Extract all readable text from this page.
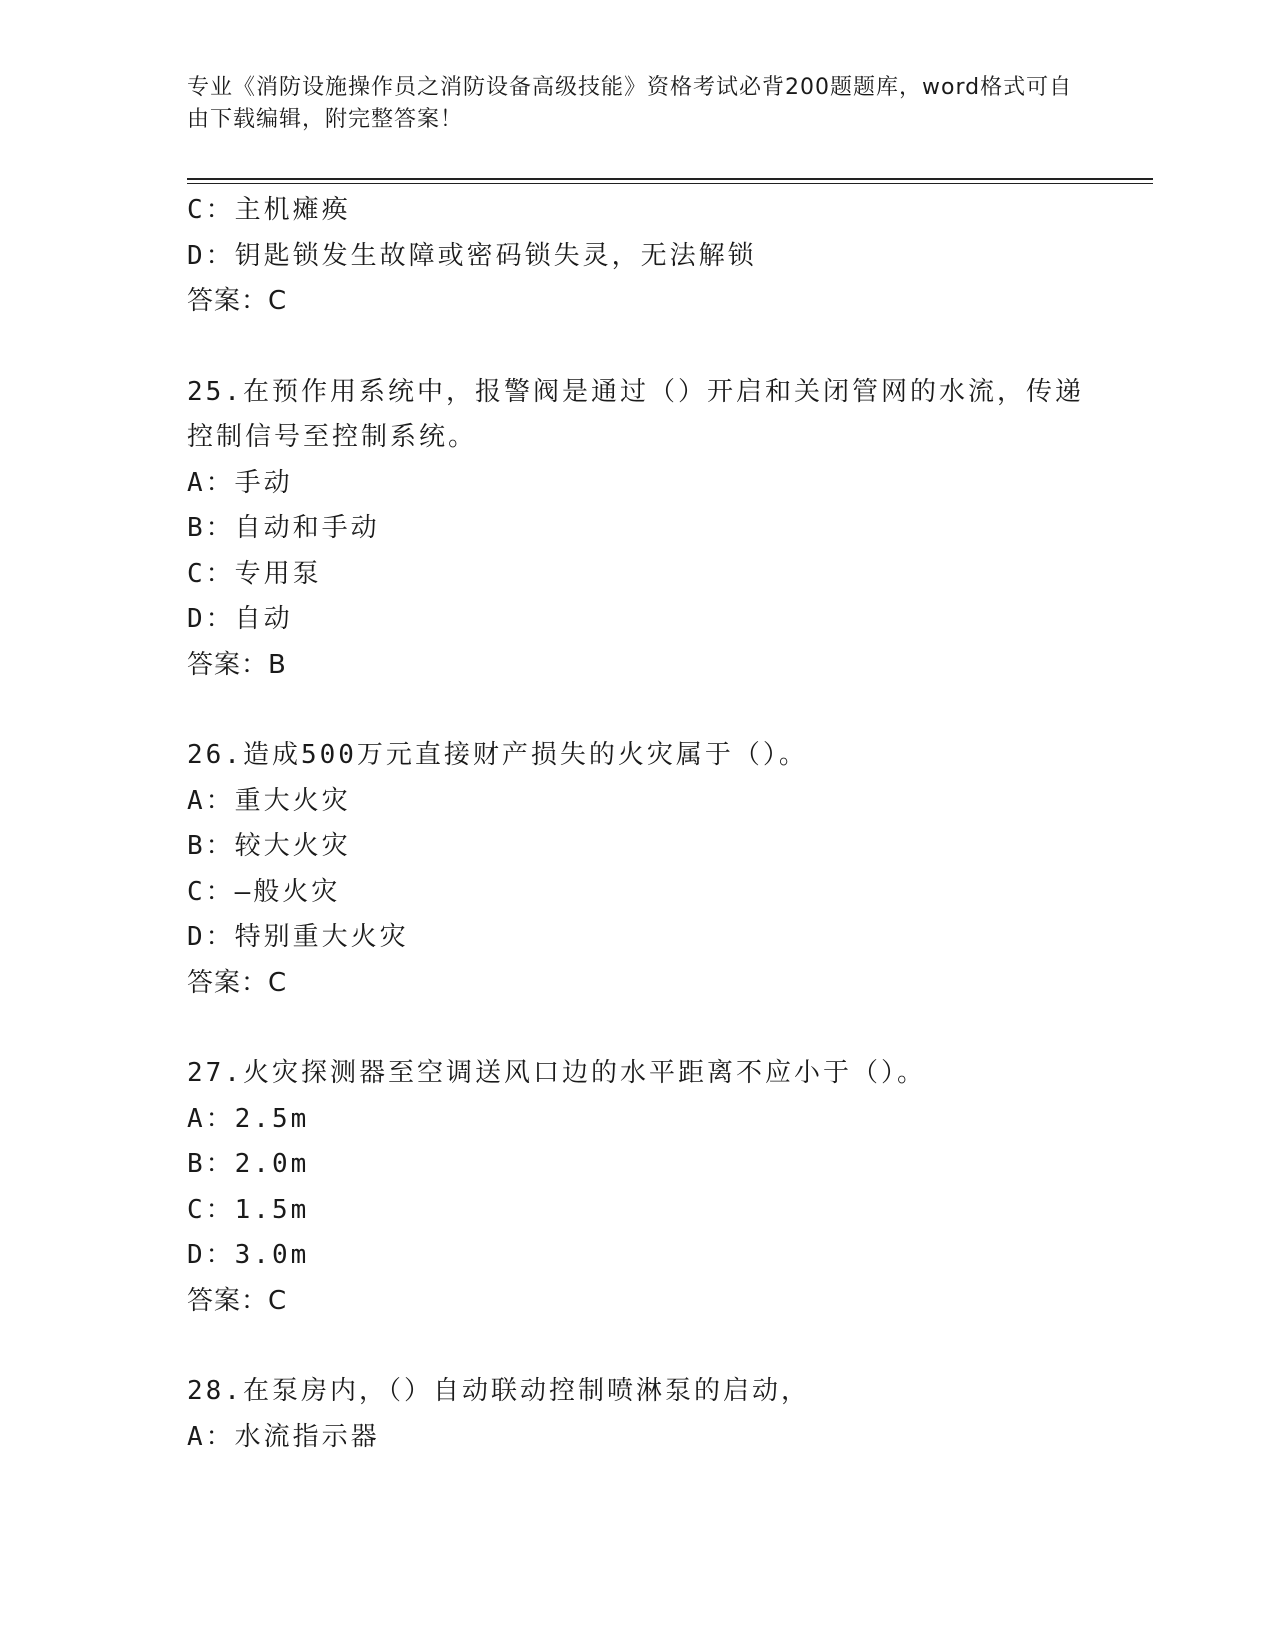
专业《消防设施操作员之消防设备高级技能》资格考试必背200题题库，word格式可自由下载编辑，附完整答案！
C：主机瘫痪
D：钥匙锁发生故障或密码锁失灵，无法解锁
答案：C
25.在预作用系统中，报警阀是通过（）开启和关闭管网的水流，传递控制信号至控制系统。
A：手动
B：自动和手动
C：专用泵
D：自动
答案：B
26.造成500万元直接财产损失的火灾属于（）。
A：重大火灾
B：较大火灾
C：—般火灾
D：特别重大火灾
答案：C
27.火灾探测器至空调送风口边的水平距离不应小于（）。
A：2.5m
B：2.0m
C：1.5m
D：3.0m
答案：C
28.在泵房内，（）自动联动控制喷淋泵的启动，
A：水流指示器
